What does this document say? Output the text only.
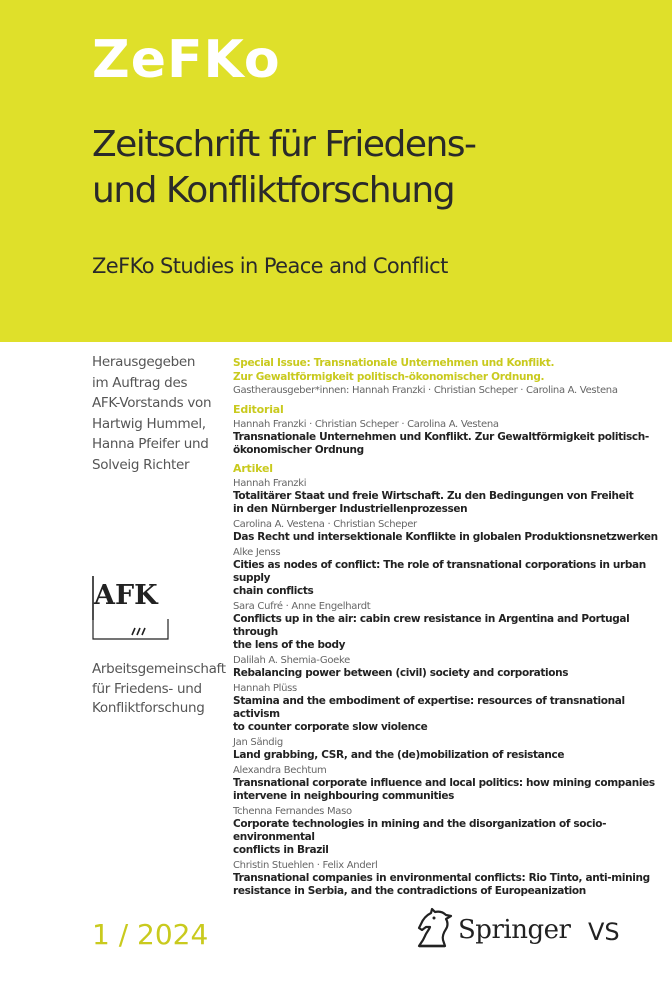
ZeFKo
Zeitschrift für Friedens-
und Konfliktforschung
ZeFKo Studies in Peace and Conflict
Herausgegeben
im Auftrag des
AFK-Vorstands von
Hartwig Hummel,
Hanna Pfeifer und
Solveig Richter
AFK
Arbeitsgemeinschaft
für Friedens- und
Konfliktforschung
1 / 2024
Special Issue: Transnationale Unternehmen und Konflikt.
Zur Gewaltförmigkeit politisch-ökonomischer Ordnung.
Gastherausgeber*innen: Hannah Franzki · Christian Scheper · Carolina A. Vestena
Editorial
Hannah Franzki · Christian Scheper · Carolina A. Vestena
Transnationale Unternehmen und Konflikt. Zur Gewaltförmigkeit politisch-
ökonomischer Ordnung
Artikel
Hannah Franzki
Totalitärer Staat und freie Wirtschaft. Zu den Bedingungen von Freiheit
in den Nürnberger Industriellenprozessen
Carolina A. Vestena · Christian Scheper
Das Recht und intersektionale Konflikte in globalen Produktionsnetzwerken
Alke Jenss
Cities as nodes of conflict: The role of transnational corporations in urban supply
chain conflicts
Sara Cufré · Anne Engelhardt
Conflicts up in the air: cabin crew resistance in Argentina and Portugal through
the lens of the body
Dalilah A. Shemia-Goeke
Rebalancing power between (civil) society and corporations
Hannah Plüss
Stamina and the embodiment of expertise: resources of transnational activism
to counter corporate slow violence
Jan Sändig
Land grabbing, CSR, and the (de)mobilization of resistance
Alexandra Bechtum
Transnational corporate influence and local politics: how mining companies
intervene in neighbouring communities
Tchenna Fernandes Maso
Corporate technologies in mining and the disorganization of socio-environmental
conflicts in Brazil
Christin Stuehlen · Felix Anderl
Transnational companies in environmental conflicts: Rio Tinto, anti-mining
resistance in Serbia, and the contradictions of Europeanization
Springer VS
